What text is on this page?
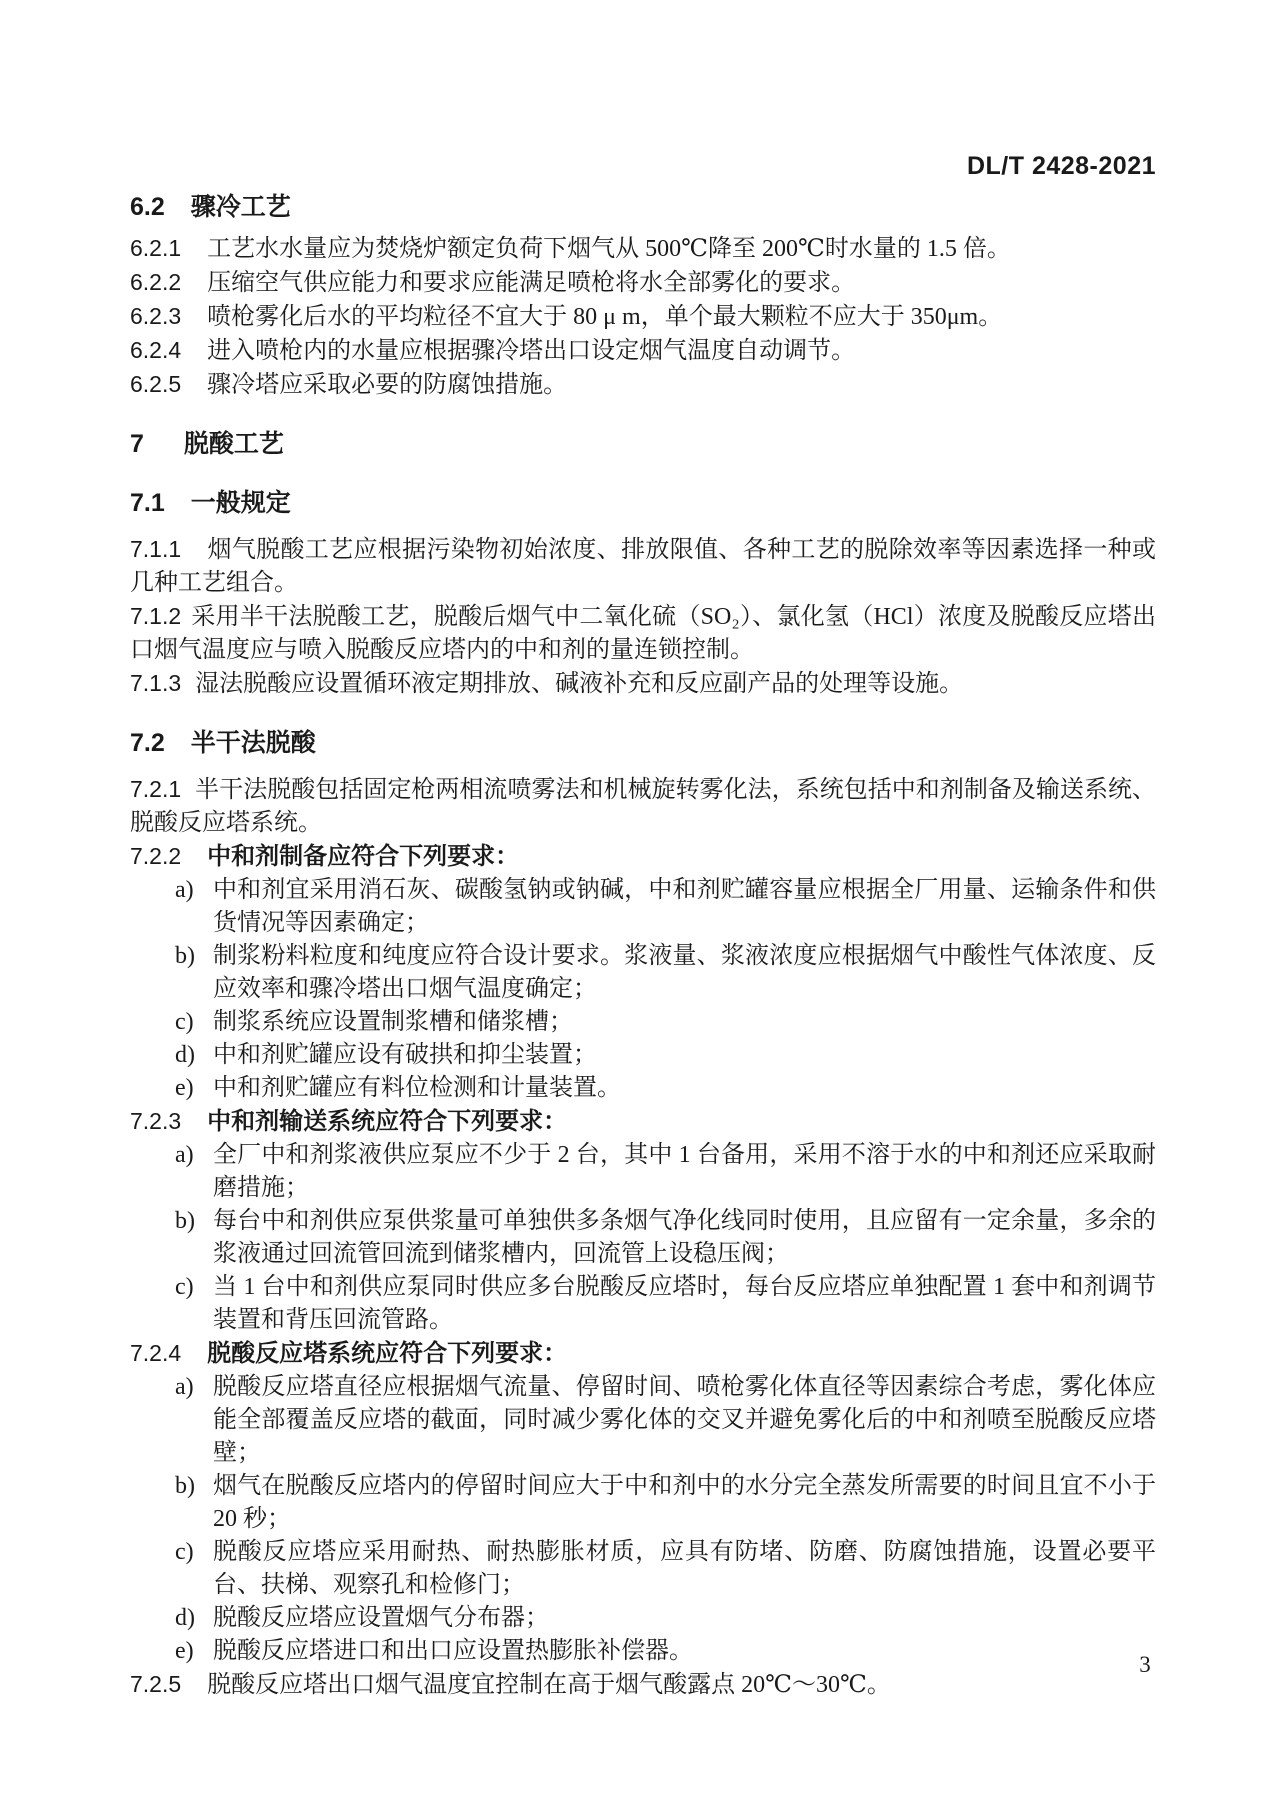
DL/T 2428-2021
6.2 骤冷工艺

6.2.1 工艺水水量应为焚烧炉额定负荷下烟气从 500℃降至 200℃时水量的 1.5 倍。

6.2.2 压缩空气供应能力和要求应能满足喷枪将水全部雾化的要求。

6.2.3 喷枪雾化后水的平均粒径不宜大于 80 μ m，单个最大颗粒不应大于 350μm。

6.2.4 进入喷枪内的水量应根据骤冷塔出口设定烟气温度自动调节。

6.2.5 骤冷塔应采取必要的防腐蚀措施。

7 脱酸工艺
7.1 一般规定

7.1.1 烟气脱酸工艺应根据污染物初始浓度、排放限值、各种工艺的脱除效率等因素选择一种或几种工艺组合。

7.1.2 采用半干法脱酸工艺，脱酸后烟气中二氧化硫（SO₂）、氯化氢（HCl）浓度及脱酸反应塔出口烟气温度应与喷入脱酸反应塔内的中和剂的量连锁控制。

7.1.3 湿法脱酸应设置循环液定期排放、碱液补充和反应副产品的处理等设施。

7.2 半干法脱酸

7.2.1 半干法脱酸包括固定枪两相流喷雾法和机械旋转雾化法，系统包括中和剂制备及输送系统、脱酸反应塔系统。

7.2.2 中和剂制备应符合下列要求：

a) 中和剂宜采用消石灰、碳酸氢钠或钠碱，中和剂贮罐容量应根据全厂用量、运输条件和供货情况等因素确定；
b) 制浆粉料粒度和纯度应符合设计要求。浆液量、浆液浓度应根据烟气中酸性气体浓度、反应效率和骤冷塔出口烟气温度确定；
c) 制浆系统应设置制浆槽和储浆槽；
d) 中和剂贮罐应设有破拱和抑尘装置；
e) 中和剂贮罐应有料位检测和计量装置。

7.2.3 中和剂输送系统应符合下列要求：

a) 全厂中和剂浆液供应泵应不少于 2 台，其中 1 台备用，采用不溶于水的中和剂还应采取耐磨措施；
b) 每台中和剂供应泵供浆量可单独供多条烟气净化线同时使用，且应留有一定余量，多余的浆液通过回流管回流到储浆槽内，回流管上设稳压阀；
c) 当 1 台中和剂供应泵同时供应多台脱酸反应塔时，每台反应塔应单独配置 1 套中和剂调节装置和背压回流管路。

7.2.4 脱酸反应塔系统应符合下列要求：

a) 脱酸反应塔直径应根据烟气流量、停留时间、喷枪雾化体直径等因素综合考虑，雾化体应能全部覆盖反应塔的截面，同时减少雾化体的交叉并避免雾化后的中和剂喷至脱酸反应塔壁；
b) 烟气在脱酸反应塔内的停留时间应大于中和剂中的水分完全蒸发所需要的时间且宜不小于 20 秒；
c) 脱酸反应塔应采用耐热、耐热膨胀材质，应具有防堵、防磨、防腐蚀措施，设置必要平台、扶梯、观察孔和检修门；
d) 脱酸反应塔应设置烟气分布器；
e) 脱酸反应塔进口和出口应设置热膨胀补偿器。

7.2.5 脱酸反应塔出口烟气温度宜控制在高于烟气酸露点 20℃～30℃。

3
